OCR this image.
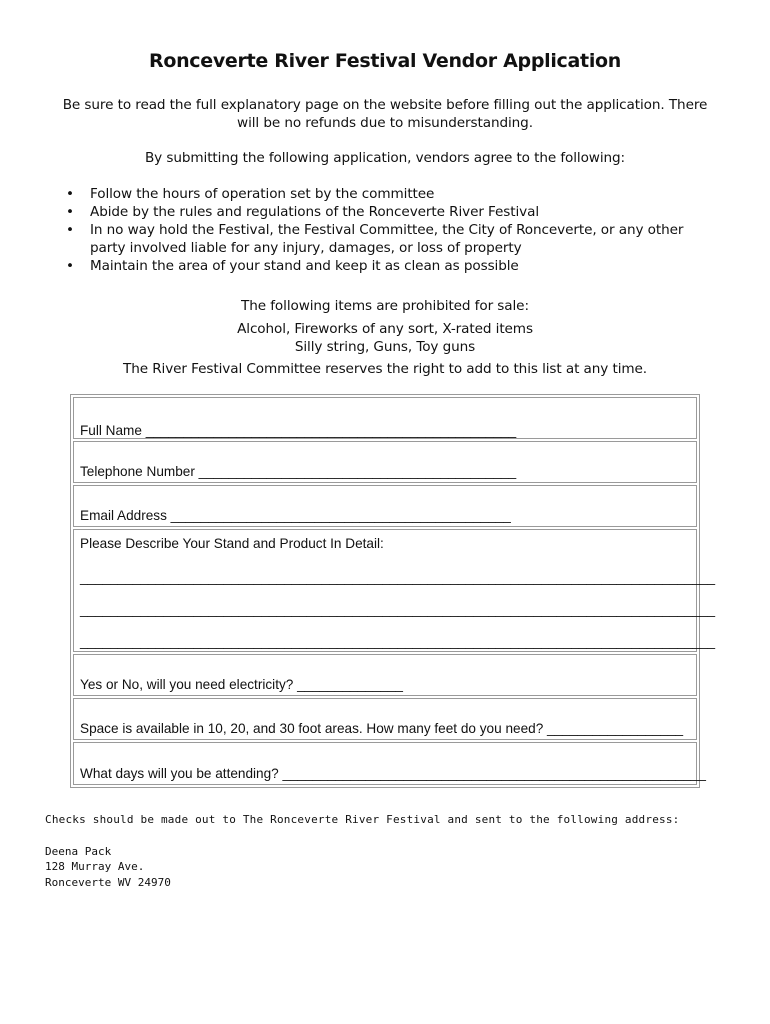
Ronceverte River Festival Vendor Application
Be sure to read the full explanatory page on the website before filling out the application. There will be no refunds due to misunderstanding.
By submitting the following application, vendors agree to the following:
• Follow the hours of operation set by the committee
• Abide by the rules and regulations of the Ronceverte River Festival
• In no way hold the Festival, the Festival Committee, the City of Ronceverte, or any other party involved liable for any injury, damages, or loss of property
• Maintain the area of your stand and keep it as clean as possible
The following items are prohibited for sale:
Alcohol, Fireworks of any sort, X-rated items
Silly string, Guns, Toy guns
The River Festival Committee reserves the right to add to this list at any time.
Full Name _________________________________________________
Telephone Number __________________________________________
Email Address _____________________________________________
Please Describe Your Stand and Product In Detail:
____________________________________________________________________________________
____________________________________________________________________________________
____________________________________________________________________________________
Yes or No, will you need electricity? ______________
Space is available in 10, 20, and 30 foot areas. How many feet do you need? __________________
What days will you be attending? ________________________________________________________
Checks should be made out to The Ronceverte River Festival and sent to the following address:
Deena Pack
128 Murray Ave.
Ronceverte WV 24970
